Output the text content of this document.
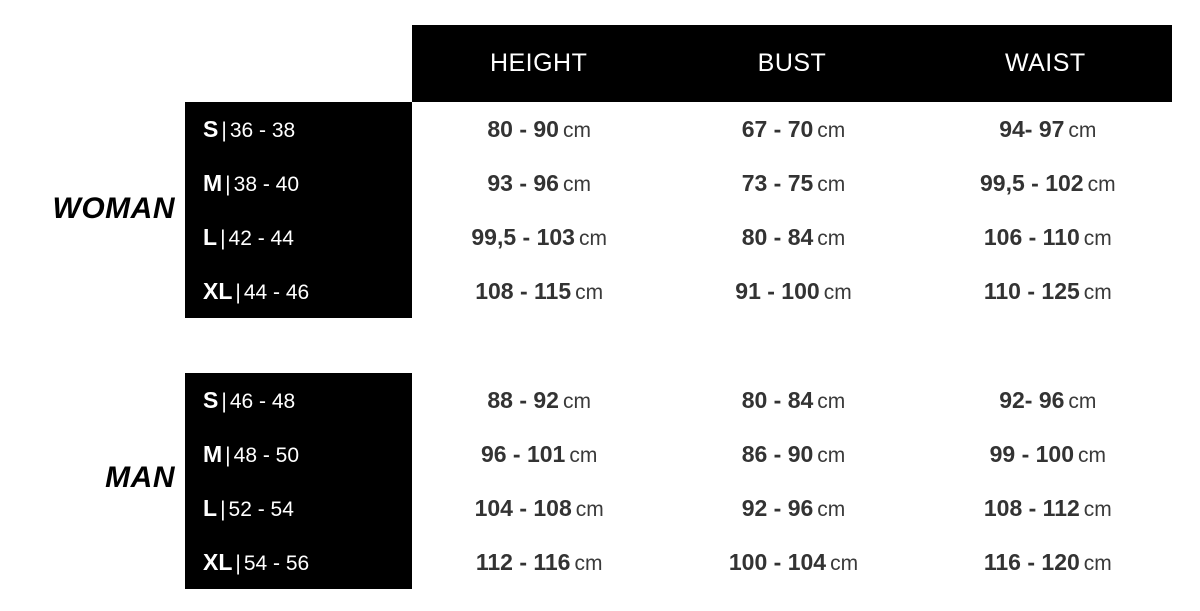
HEIGHT	BUST	WAIST
WOMAN
MAN
S | 36 - 38	80 - 90 cm	67 - 70 cm	94- 97 cm
M | 38 - 40	93 - 96 cm	73 - 75 cm	99,5 - 102 cm
L | 42 - 44	99,5 - 103 cm	80 - 84 cm	106 - 110 cm
XL | 44 - 46	108 - 115 cm	91 - 100 cm	110 - 125 cm
S | 46 - 48	88 - 92 cm	80 - 84 cm	92- 96 cm
M | 48 - 50	96 - 101 cm	86 - 90 cm	99 - 100 cm
L | 52 - 54	104 - 108 cm	92 - 96 cm	108 - 112 cm
XL | 54 - 56	112 - 116 cm	100 - 104 cm	116 - 120 cm
